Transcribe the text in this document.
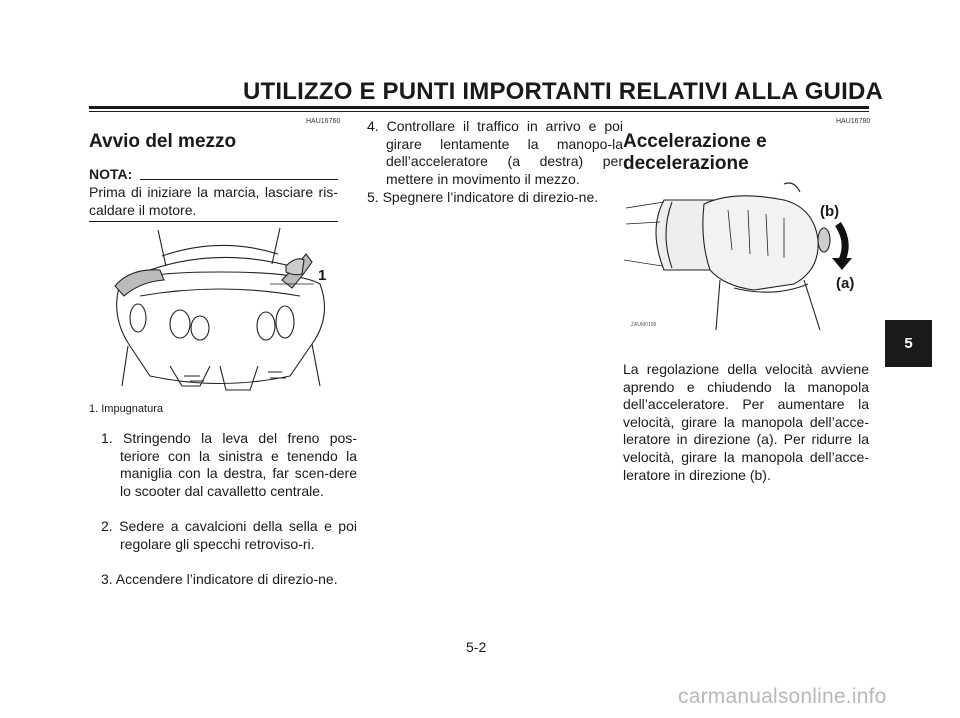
UTILIZZO E PUNTI IMPORTANTI RELATIVI ALLA GUIDA
HAU16760
Avvio del mezzo
NOTA:
Prima di iniziare la marcia, lasciare ris-caldare il motore.
1
1. Impugnatura
1. Stringendo la leva del freno pos-teriore con la sinistra e tenendo la maniglia con la destra, far scen-dere lo scooter dal cavalletto centrale.
2. Sedere a cavalcioni della sella e poi regolare gli specchi retroviso-ri.
3. Accendere l’indicatore di direzio-ne.
4. Controllare il traffico in arrivo e poi girare lentamente la manopo-la dell’acceleratore (a destra) per mettere in movimento il mezzo.
5. Spegnere l’indicatore di direzio-ne.
HAU16780
Accelerazione e decelerazione
(b)
(a)
ZAUM0199
La regolazione della velocità avviene aprendo e chiudendo la manopola dell’acceleratore. Per aumentare la velocità, girare la manopola dell’acce-leratore in direzione (a). Per ridurre la velocità, girare la manopola dell’acce-leratore in direzione (b).
5
5-2
carmanualsonline.info
